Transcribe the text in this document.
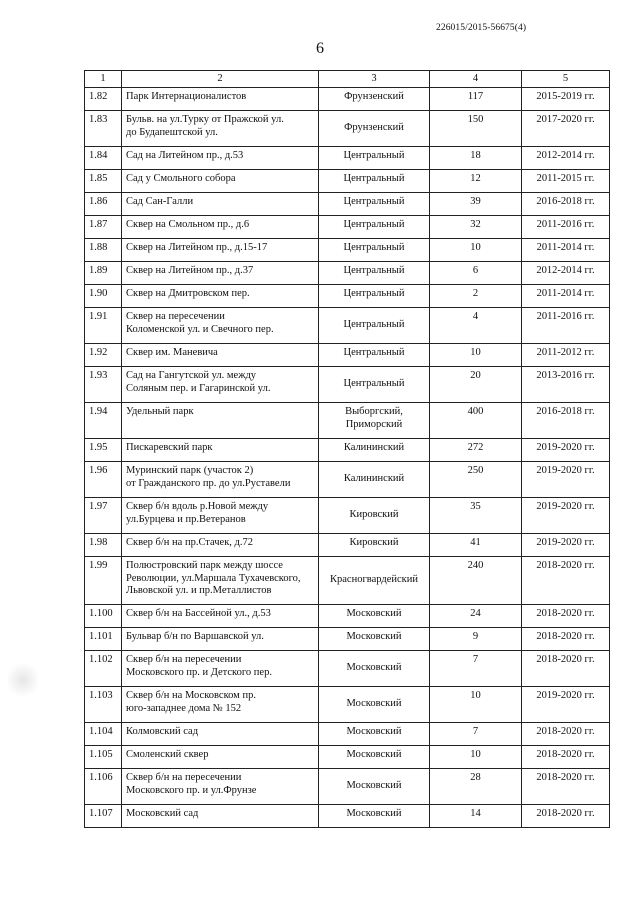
226015/2015-56675(4)
6
1	2	3	4	5
1.82	Парк Интернационалистов	Фрунзенский	117	2015-2019 гг.
1.83	Бульв. на ул.Турку от Пражской ул.
до Будапештской ул.	Фрунзенский	150	2017-2020 гг.
1.84	Сад на Литейном пр., д.53	Центральный	18	2012-2014 гг.
1.85	Сад у Смольного собора	Центральный	12	2011-2015 гг.
1.86	Сад Сан-Галли	Центральный	39	2016-2018 гг.
1.87	Сквер на Смольном пр., д.6	Центральный	32	2011-2016 гг.
1.88	Сквер на Литейном пр., д.15-17	Центральный	10	2011-2014 гг.
1.89	Сквер на Литейном пр., д.37	Центральный	6	2012-2014 гг.
1.90	Сквер на Дмитровском пер.	Центральный	2	2011-2014 гг.
1.91	Сквер на пересечении
Коломенской ул. и Свечного пер.	Центральный	4	2011-2016 гг.
1.92	Сквер им. Маневича	Центральный	10	2011-2012 гг.
1.93	Сад на Гангутской ул. между
Соляным пер. и Гагаринской ул.	Центральный	20	2013-2016 гг.
1.94	Удельный парк	Выборгский,
Приморский	400	2016-2018 гг.
1.95	Пискаревский парк	Калининский	272	2019-2020 гг.
1.96	Муринский парк (участок 2)
от Гражданского пр. до ул.Руставели	Калининский	250	2019-2020 гг.
1.97	Сквер б/н вдоль р.Новой между
ул.Бурцева и пр.Ветеранов	Кировский	35	2019-2020 гг.
1.98	Сквер б/н на пр.Стачек, д.72	Кировский	41	2019-2020 гг.
1.99	Полюстровский парк между шоссе
Революции, ул.Маршала Тухачевского,
Львовской ул. и пр.Металлистов	Красногвардейский	240	2018-2020 гг.
1.100	Сквер б/н на Бассейной ул., д.53	Московский	24	2018-2020 гг.
1.101	Бульвар б/н по Варшавской ул.	Московский	9	2018-2020 гг.
1.102	Сквер б/н на пересечении
Московского пр. и Детского пер.	Московский	7	2018-2020 гг.
1.103	Сквер б/н на Московском пр.
юго-западнее дома № 152	Московский	10	2019-2020 гг.
1.104	Колмовский сад	Московский	7	2018-2020 гг.
1.105	Смоленский сквер	Московский	10	2018-2020 гг.
1.106	Сквер б/н на пересечении
Московского пр. и ул.Фрунзе	Московский	28	2018-2020 гг.
1.107	Московский сад	Московский	14	2018-2020 гг.
